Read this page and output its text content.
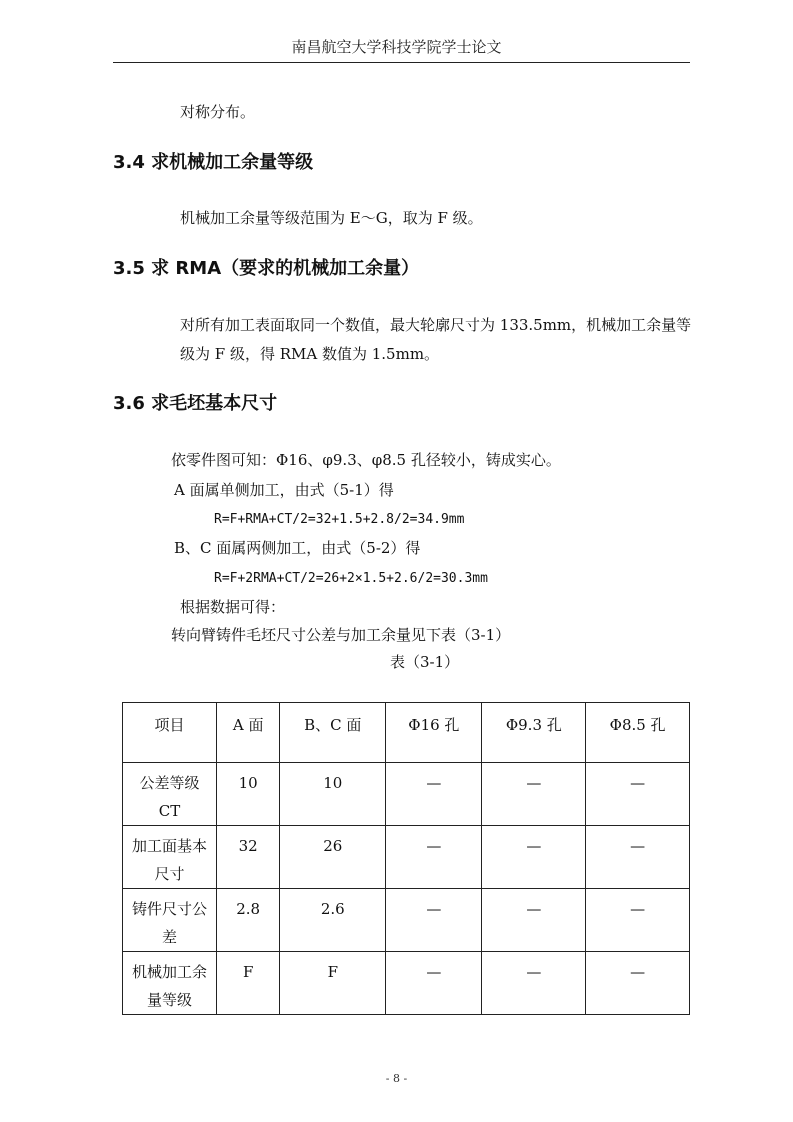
南昌航空大学科技学院学士论文
对称分布。
3.4 求机械加工余量等级
机械加工余量等级范围为 E～G，取为 F 级。
3.5 求 RMA（要求的机械加工余量）
对所有加工表面取同一个数值，最大轮廓尺寸为 133.5mm，机械加工余量等
级为 F 级，得 RMA 数值为 1.5mm。
3.6 求毛坯基本尺寸
依零件图可知：Φ16、φ9.3、φ8.5 孔径较小，铸成实心。
A 面属单侧加工，由式（5-1）得
R=F+RMA+CT/2=32+1.5+2.8/2=34.9mm
B、C 面属两侧加工，由式（5-2）得
R=F+2RMA+CT/2=26+2×1.5+2.6/2=30.3mm
根据数据可得：
转向臂铸件毛坯尺寸公差与加工余量见下表（3-1）
表（3-1）
项目	A 面	B、C 面	Φ16 孔	Φ9.3 孔	Φ8.5 孔

公差等级
CT	10	10	—	—	—

加工面基本
尺寸	32	26	—	—	—

铸件尺寸公
差	2.8	2.6	—	—	—

机械加工余
量等级	F	F	—	—	—
- 8 -
